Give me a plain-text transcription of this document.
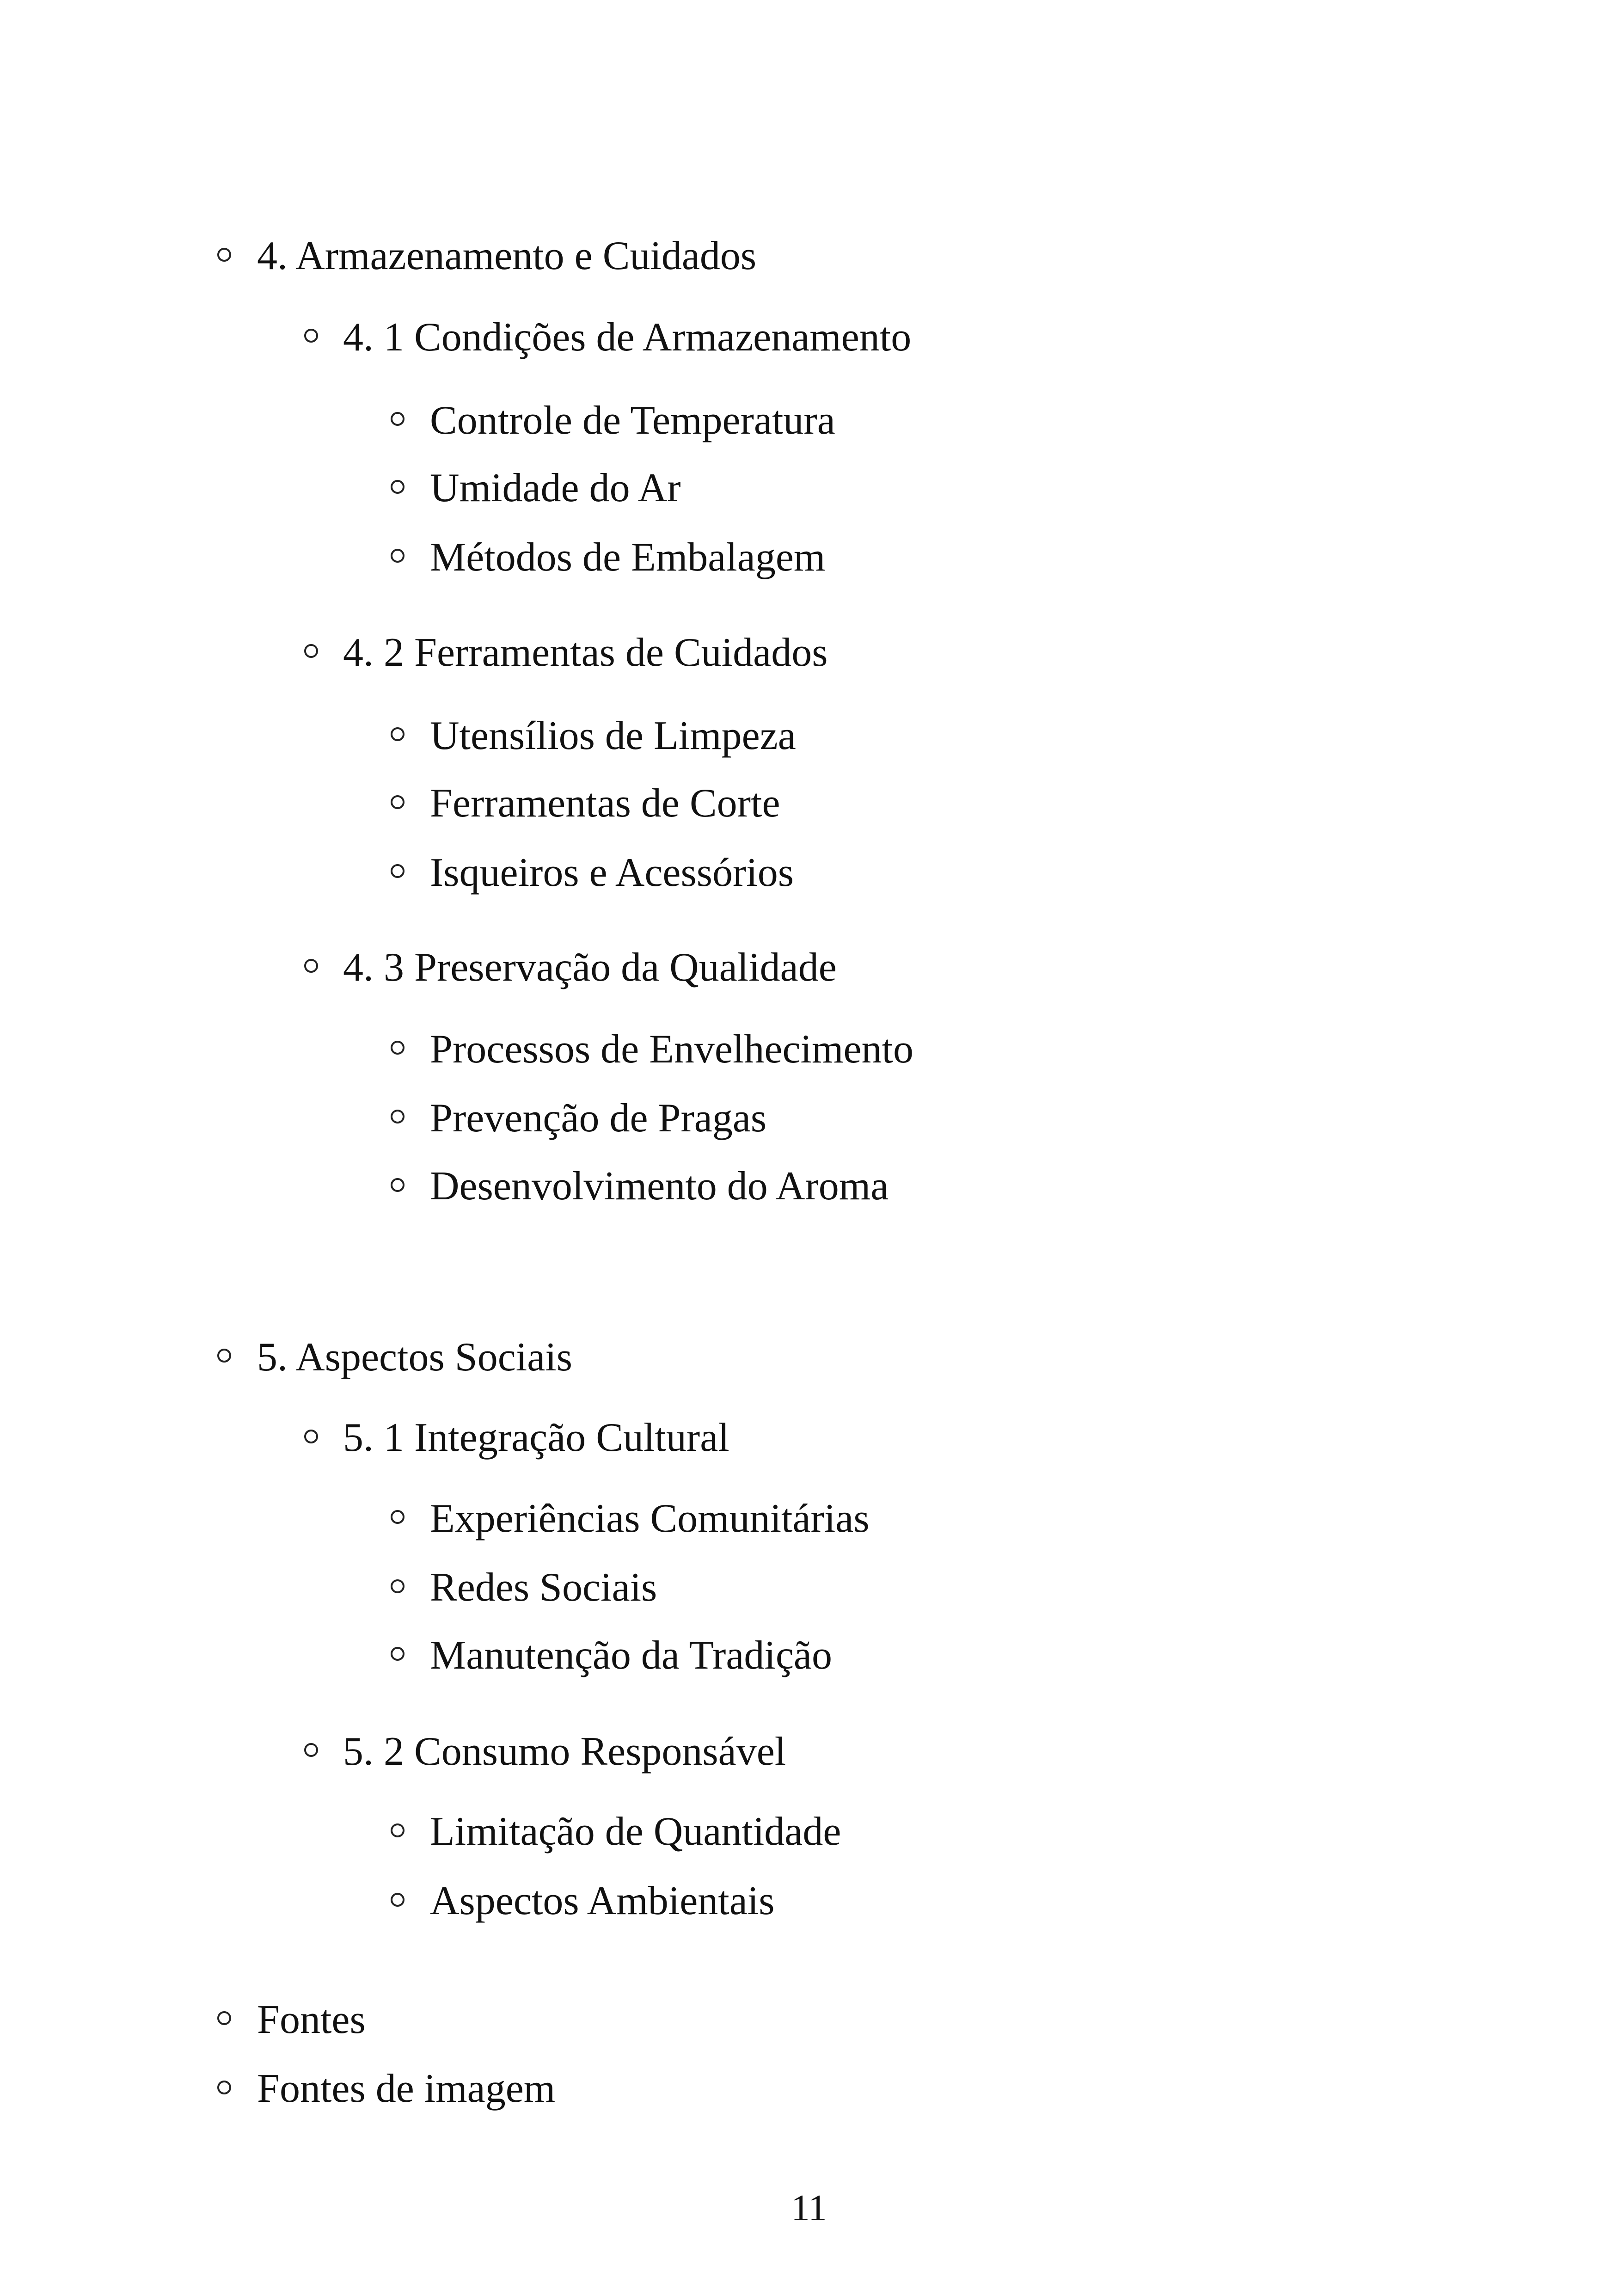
4. Armazenamento e Cuidados
4. 1 Condições de Armazenamento
Controle de Temperatura
Umidade do Ar
Métodos de Embalagem
4. 2 Ferramentas de Cuidados
Utensílios de Limpeza
Ferramentas de Corte
Isqueiros e Acessórios
4. 3 Preservação da Qualidade
Processos de Envelhecimento
Prevenção de Pragas
Desenvolvimento do Aroma
5. Aspectos Sociais
5. 1 Integração Cultural
Experiências Comunitárias
Redes Sociais
Manutenção da Tradição
5. 2 Consumo Responsável
Limitação de Quantidade
Aspectos Ambientais
Fontes
Fontes de imagem
11
